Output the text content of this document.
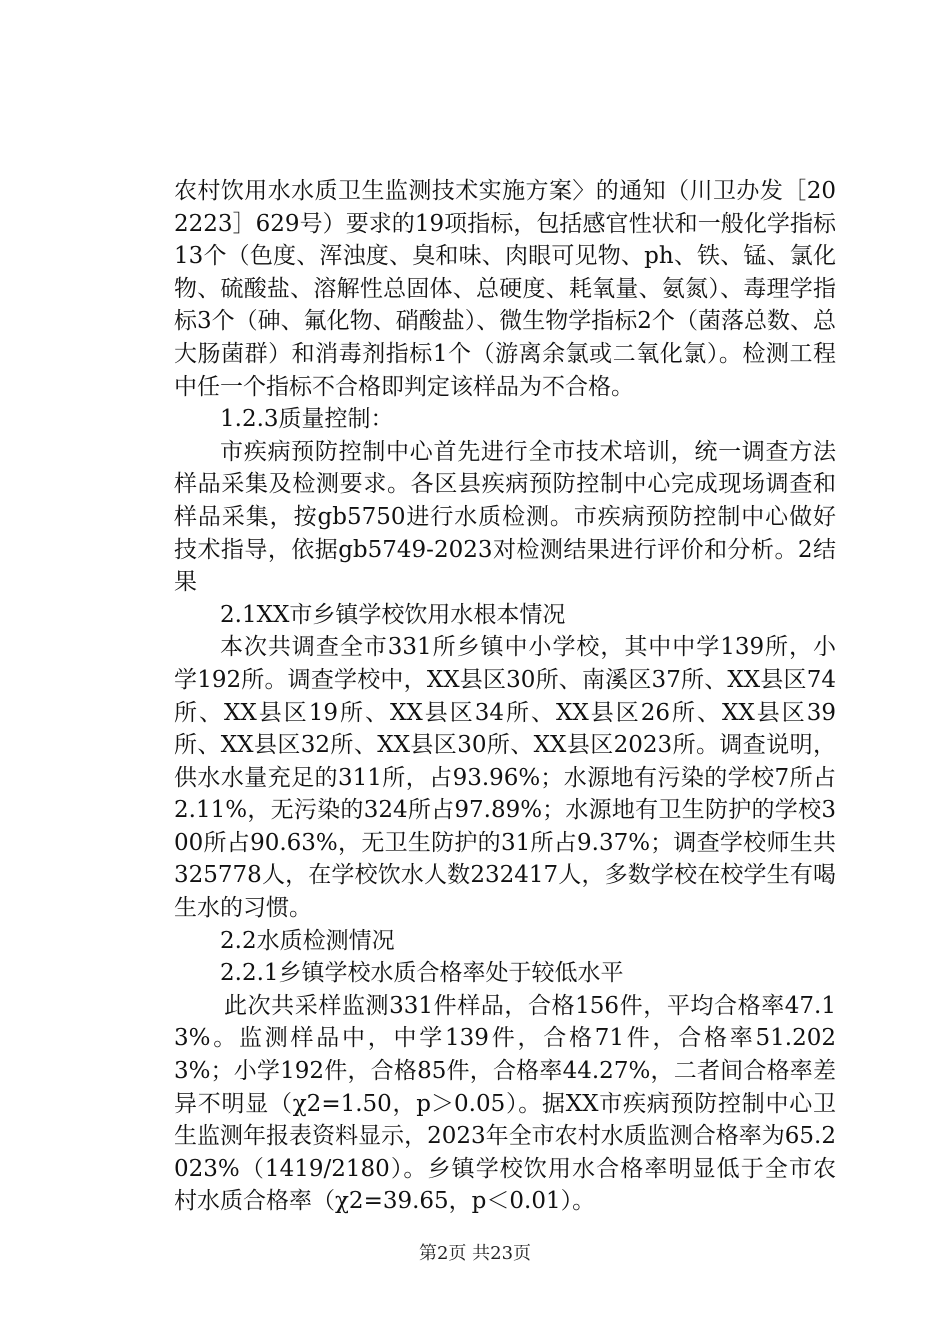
农村饮用水水质卫生监测技术实施方案〉的通知（川卫办发［202223］629号）要求的19项指标，包括感官性状和一般化学指标13个（色度、浑浊度、臭和味、肉眼可见物、ph、铁、锰、氯化物、硫酸盐、溶解性总固体、总硬度、耗氧量、氨氮）、毒理学指标3个（砷、氟化物、硝酸盐）、微生物学指标2个（菌落总数、总大肠菌群）和消毒剂指标1个（游离余氯或二氧化氯）。检测工程中任一个指标不合格即判定该样品为不合格。

1.2.3质量控制：

市疾病预防控制中心首先进行全市技术培训，统一调查方法样品采集及检测要求。各区县疾病预防控制中心完成现场调查和样品采集，按gb5750进行水质检测。市疾病预防控制中心做好技术指导，依据gb5749-2023对检测结果进行评价和分析。2结果

2.1XX市乡镇学校饮用水根本情况

本次共调查全市331所乡镇中小学校，其中中学139所，小学192所。调查学校中，XX县区30所、南溪区37所、XX县区74所、XX县区19所、XX县区34所、XX县区26所、XX县区39所、XX县区32所、XX县区30所、XX县区2023所。调查说明，供水水量充足的311所，占93.96%；水源地有污染的学校7所占2.11%，无污染的324所占97.89%；水源地有卫生防护的学校300所占90.63%，无卫生防护的31所占9.37%；调查学校师生共325778人，在学校饮水人数232417人，多数学校在校学生有喝生水的习惯。

2.2水质检测情况

2.2.1乡镇学校水质合格率处于较低水平

此次共采样监测331件样品，合格156件，平均合格率47.13%。监测样品中，中学139件，合格71件，合格率51.2023%；小学192件，合格85件，合格率44.27%，二者间合格率差异不明显（χ2=1.50，p＞0.05）。据XX市疾病预防控制中心卫生监测年报表资料显示，2023年全市农村水质监测合格率为65.2023%（1419/2180）。乡镇学校饮用水合格率明显低于全市农村水质合格率（χ2=39.65，p＜0.01）。

第2页 共23页
